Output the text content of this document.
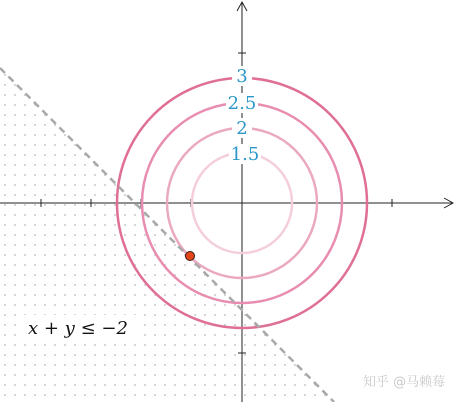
1.5
2
2.5
3
x + y ≤ −2
知乎 @马赖莓
